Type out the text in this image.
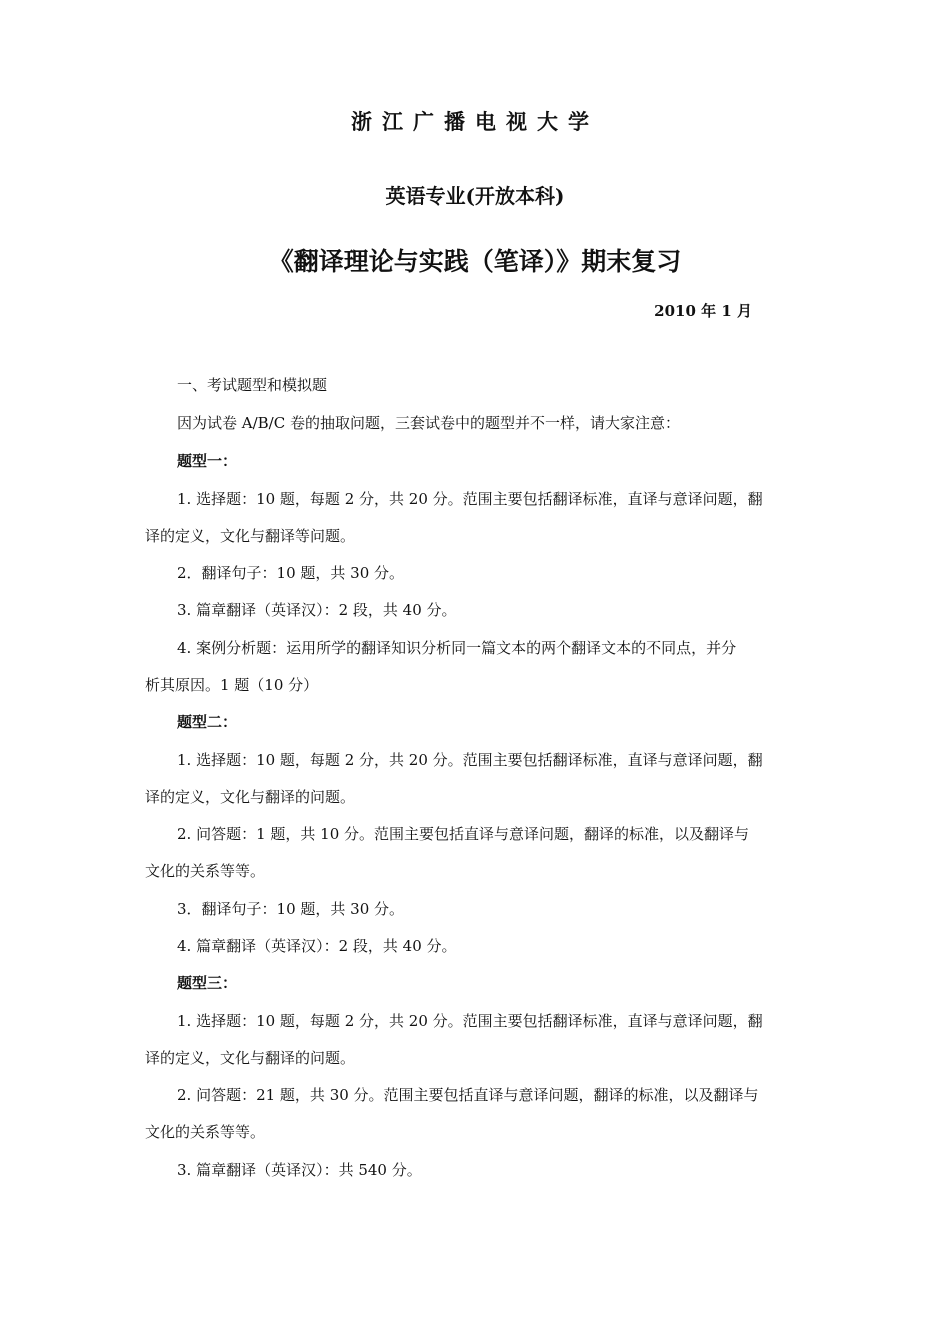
浙江广播电视大学
英语专业(开放本科)
《翻译理论与实践（笔译）》期末复习
2010 年 1 月
一、考试题型和模拟题
因为试卷 A/B/C 卷的抽取问题，三套试卷中的题型并不一样，请大家注意：
题型一：
1. 选择题：10 题，每题 2 分，共 20 分。范围主要包括翻译标准，直译与意译问题，翻
译的定义，文化与翻译等问题。
2．翻译句子：10 题，共 30 分。
3. 篇章翻译（英译汉）：2 段，共 40 分。
4. 案例分析题：运用所学的翻译知识分析同一篇文本的两个翻译文本的不同点，并分
析其原因。1 题（10 分）
题型二：
1. 选择题：10 题，每题 2 分，共 20 分。范围主要包括翻译标准，直译与意译问题，翻
译的定义，文化与翻译的问题。
2. 问答题：1 题，共 10 分。范围主要包括直译与意译问题，翻译的标准，以及翻译与
文化的关系等等。
3．翻译句子：10 题，共 30 分。
4. 篇章翻译（英译汉）：2 段，共 40 分。
题型三：
1. 选择题：10 题，每题 2 分，共 20 分。范围主要包括翻译标准，直译与意译问题，翻
译的定义，文化与翻译的问题。
2. 问答题：21 题，共 30 分。范围主要包括直译与意译问题，翻译的标准，以及翻译与
文化的关系等等。
3. 篇章翻译（英译汉）：共 540 分。
